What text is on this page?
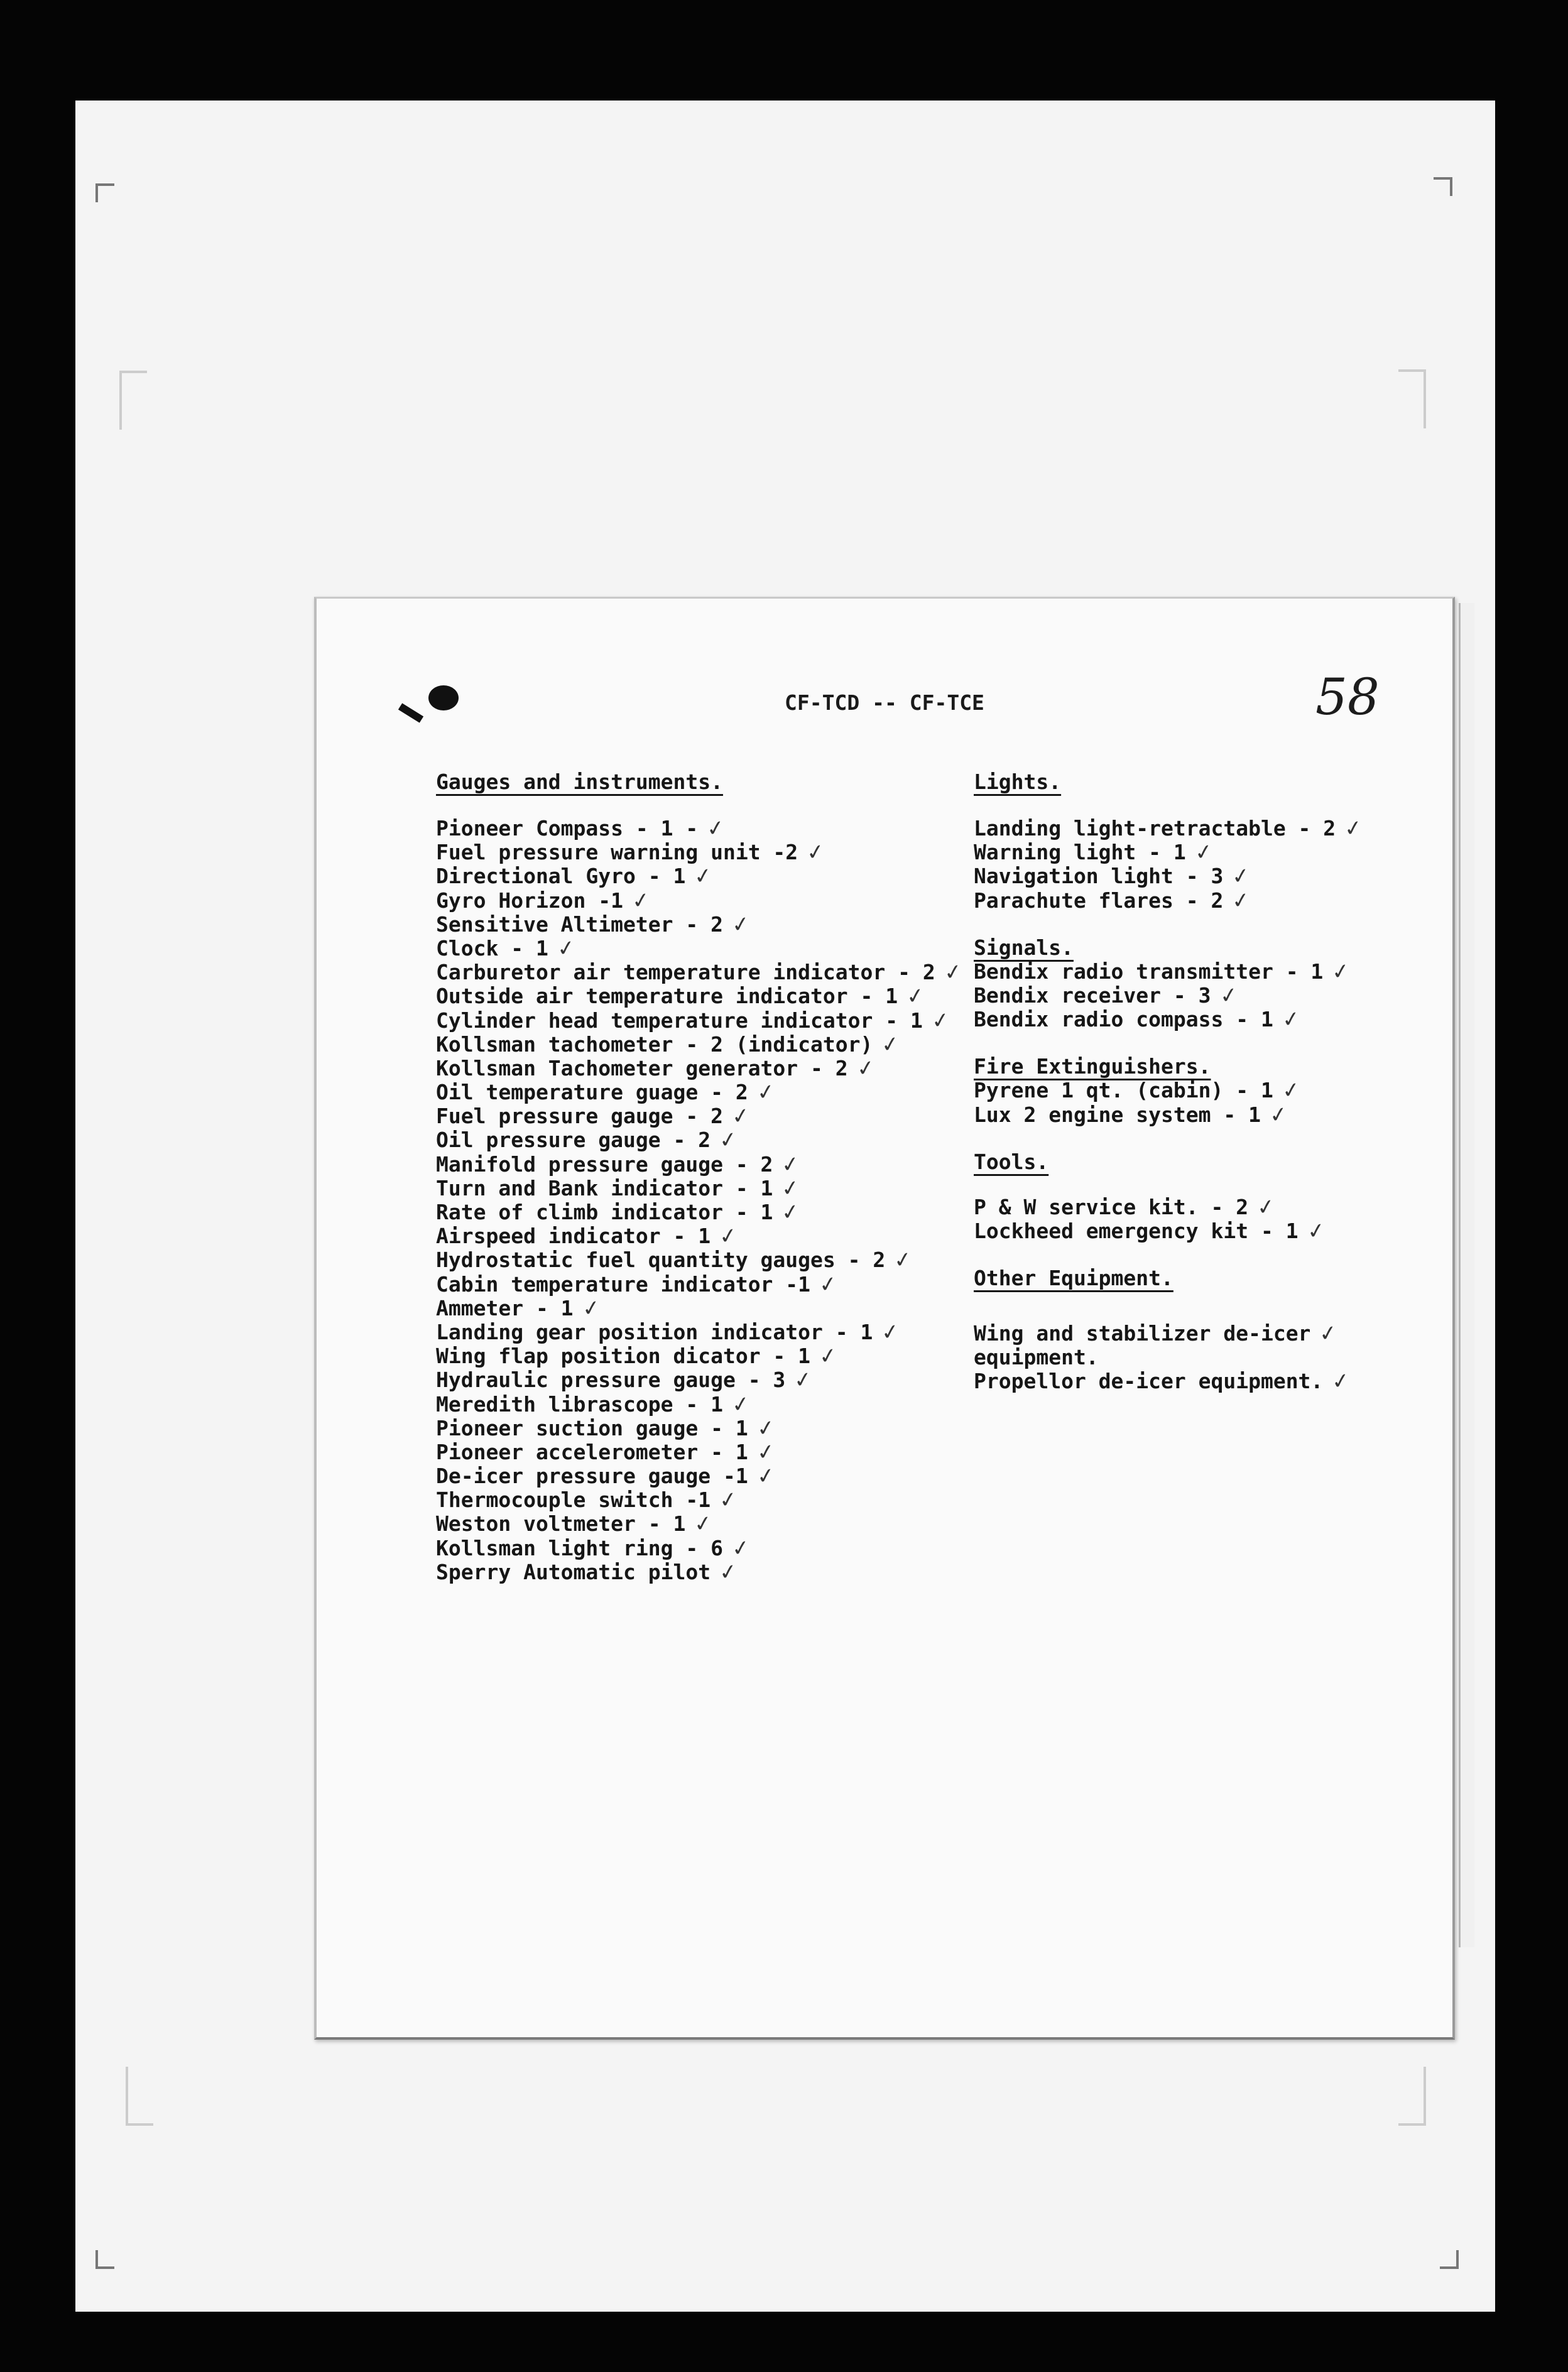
CF-TCD -- CF-TCE	58
Gauges and instruments.
Pioneer Compass - 1 - ✓
Fuel pressure warning unit -2 ✓
Directional Gyro - 1 ✓
Gyro Horizon -1 ✓
Sensitive Altimeter - 2 ✓
Clock - 1 ✓
Carburetor air temperature indicator - 2 ✓
Outside air temperature indicator - 1 ✓
Cylinder head temperature indicator - 1 ✓
Kollsman tachometer - 2 (indicator) ✓
Kollsman Tachometer generator - 2 ✓
Oil temperature guage - 2 ✓
Fuel pressure gauge - 2 ✓
Oil pressure gauge - 2 ✓
Manifold pressure gauge - 2 ✓
Turn and Bank indicator - 1 ✓
Rate of climb indicator - 1 ✓
Airspeed indicator - 1 ✓
Hydrostatic fuel quantity gauges - 2 ✓
Cabin temperature indicator -1 ✓
Ammeter - 1 ✓
Landing gear position indicator - 1 ✓
Wing flap position dicator - 1 ✓
Hydraulic pressure gauge - 3 ✓
Meredith librascope - 1 ✓
Pioneer suction gauge - 1 ✓
Pioneer accelerometer - 1 ✓
De-icer pressure gauge -1 ✓
Thermocouple switch -1 ✓
Weston voltmeter - 1 ✓
Kollsman light ring - 6 ✓
Sperry Automatic pilot ✓
Lights.
Landing light-retractable - 2 ✓
Warning light - 1 ✓
Navigation light - 3 ✓
Parachute flares - 2 ✓
Signals.
Bendix radio transmitter - 1 ✓
Bendix receiver - 3 ✓
Bendix radio compass - 1 ✓
Fire Extinguishers.
Pyrene 1 qt. (cabin) - 1 ✓
Lux 2 engine system - 1 ✓
Tools.
P & W service kit. - 2 ✓
Lockheed emergency kit - 1 ✓
Other Equipment.
Wing and stabilizer de-icer ✓
equipment.
Propellor de-icer equipment. ✓
